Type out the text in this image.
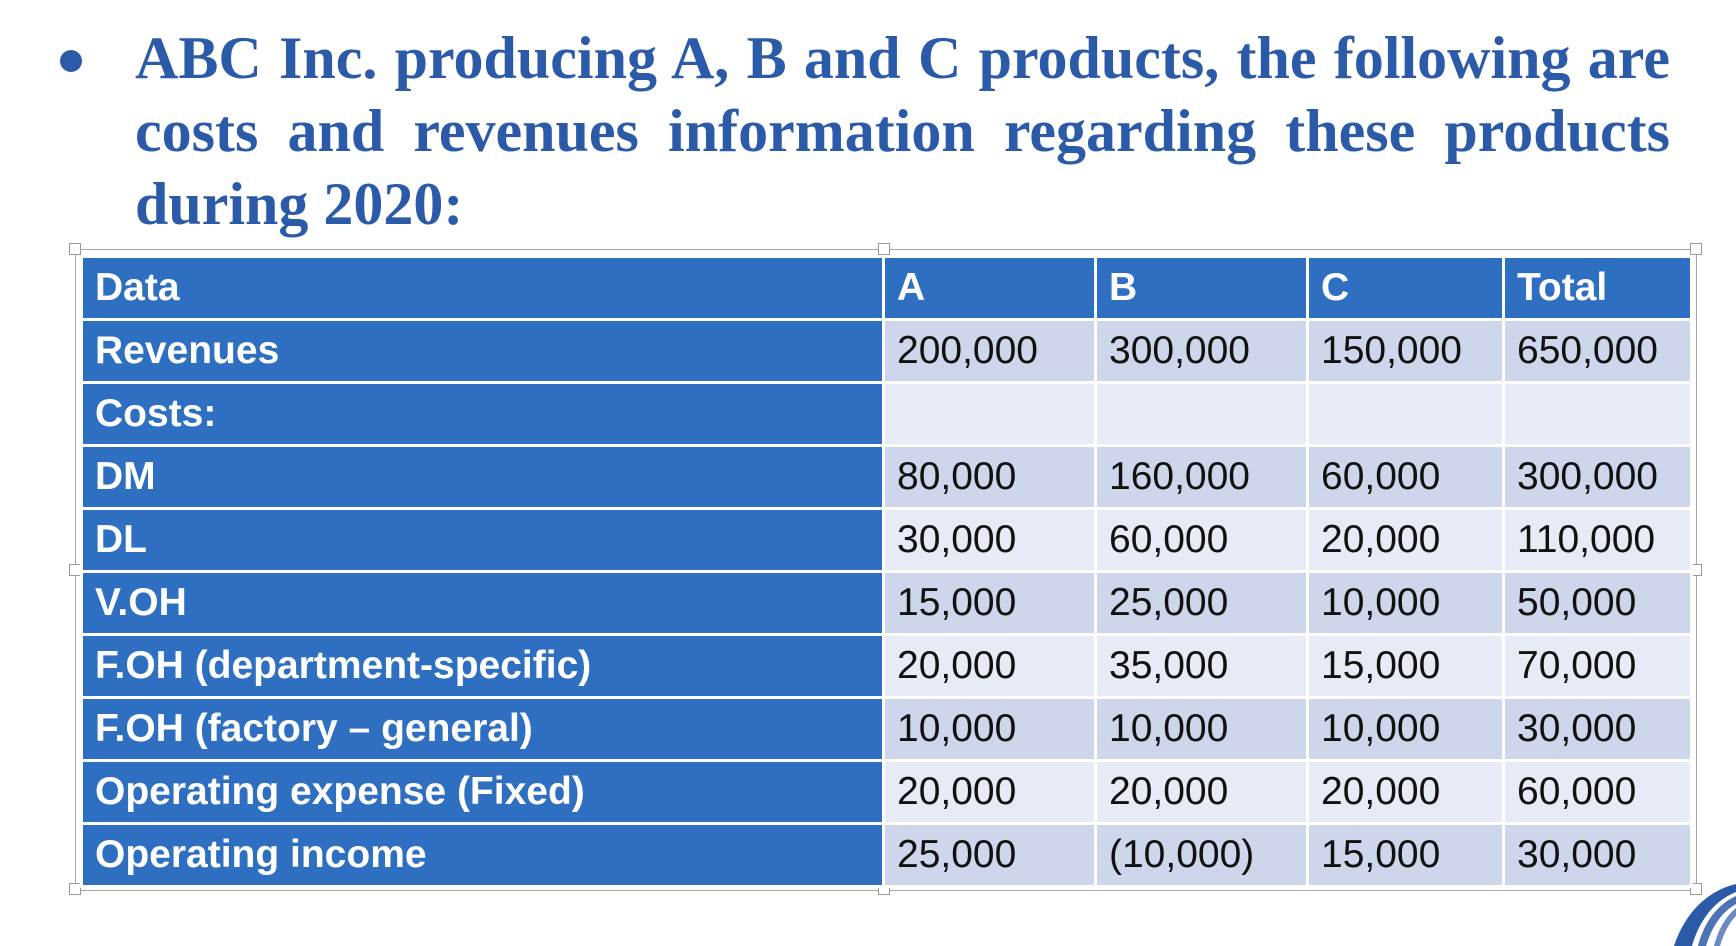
ABC Inc. producing A, B and C products, the following are costs and revenues information regarding these products during 2020:
Data	A	B	C	Total
Revenues	200,000	300,000	150,000	650,000
Costs:				
DM	80,000	160,000	60,000	300,000
DL	30,000	60,000	20,000	110,000
V.OH	15,000	25,000	10,000	50,000
F.OH (department-specific)	20,000	35,000	15,000	70,000
F.OH (factory – general)	10,000	10,000	10,000	30,000
Operating expense (Fixed)	20,000	20,000	20,000	60,000
Operating income	25,000	(10,000)	15,000	30,000
